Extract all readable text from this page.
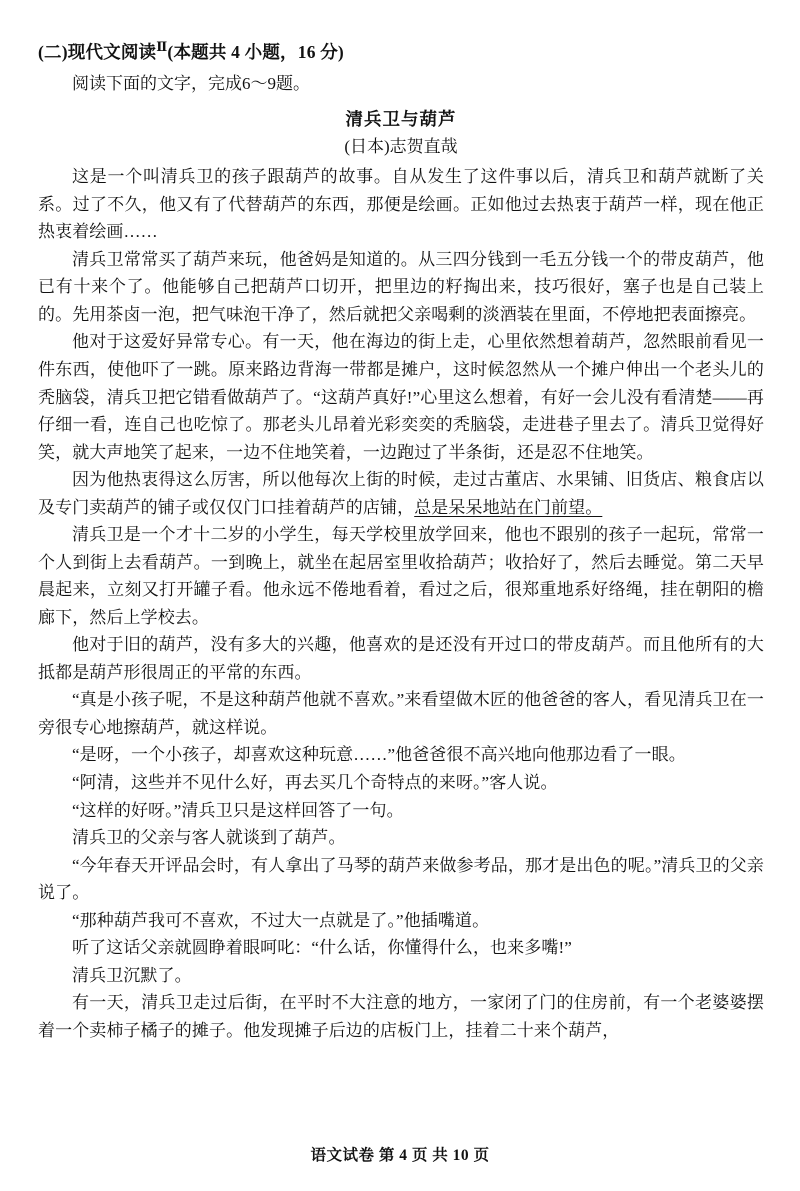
(二)现代文阅读$^Ⅱ$(本题共 4 小题，16 分)

阅读下面的文字，完成6～9题。

清兵卫与葫芦
(日本)志贺直哉

这是一个叫清兵卫的孩子跟葫芦的故事。自从发生了这件事以后，清兵卫和葫芦就断了关系。过了不久，他又有了代替葫芦的东西，那便是绘画。正如他过去热衷于葫芦一样，现在他正热衷着绘画……

清兵卫常常买了葫芦来玩，他爸妈是知道的。从三四分钱到一毛五分钱一个的带皮葫芦，他已有十来个了。他能够自己把葫芦口切开，把里边的籽掏出来，技巧很好，塞子也是自己装上的。先用茶卤一泡，把气味泡干净了，然后就把父亲喝剩的淡酒装在里面，不停地把表面擦亮。

他对于这爱好异常专心。有一天，他在海边的街上走，心里依然想着葫芦，忽然眼前看见一件东西，使他吓了一跳。原来路边背海一带都是摊户，这时候忽然从一个摊户伸出一个老头儿的秃脑袋，清兵卫把它错看做葫芦了。“这葫芦真好!”心里这么想着，有好一会儿没有看清楚——再仔细一看，连自己也吃惊了。那老头儿昂着光彩奕奕的秃脑袋，走进巷子里去了。清兵卫觉得好笑，就大声地笑了起来，一边不住地笑着，一边跑过了半条街，还是忍不住地笑。

因为他热衷得这么厉害，所以他每次上街的时候，走过古董店、水果铺、旧货店、粮食店以及专门卖葫芦的铺子或仅仅门口挂着葫芦的店铺，总是呆呆地站在门前望。

清兵卫是一个才十二岁的小学生，每天学校里放学回来，他也不跟别的孩子一起玩，常常一个人到街上去看葫芦。一到晚上，就坐在起居室里收拾葫芦；收拾好了，然后去睡觉。第二天早晨起来，立刻又打开罐子看。他永远不倦地看着，看过之后，很郑重地系好络绳，挂在朝阳的檐廊下，然后上学校去。

他对于旧的葫芦，没有多大的兴趣，他喜欢的是还没有开过口的带皮葫芦。而且他所有的大抵都是葫芦形很周正的平常的东西。

“真是小孩子呢，不是这种葫芦他就不喜欢。”来看望做木匠的他爸爸的客人，看见清兵卫在一旁很专心地擦葫芦，就这样说。

“是呀，一个小孩子，却喜欢这种玩意……”他爸爸很不高兴地向他那边看了一眼。

“阿清，这些并不见什么好，再去买几个奇特点的来呀。”客人说。

“这样的好呀。”清兵卫只是这样回答了一句。

清兵卫的父亲与客人就谈到了葫芦。

“今年春天开评品会时，有人拿出了马琴的葫芦来做参考品，那才是出色的呢。”清兵卫的父亲说了。

“那种葫芦我可不喜欢，不过大一点就是了。”他插嘴道。

听了这话父亲就圆睁着眼呵叱：“什么话，你懂得什么，也来多嘴!”

清兵卫沉默了。

有一天，清兵卫走过后街，在平时不大注意的地方，一家闭了门的住房前，有一个老婆婆摆着一个卖柿子橘子的摊子。他发现摊子后边的店板门上，挂着二十来个葫芦，

语文试卷 第 4 页 共 10 页
